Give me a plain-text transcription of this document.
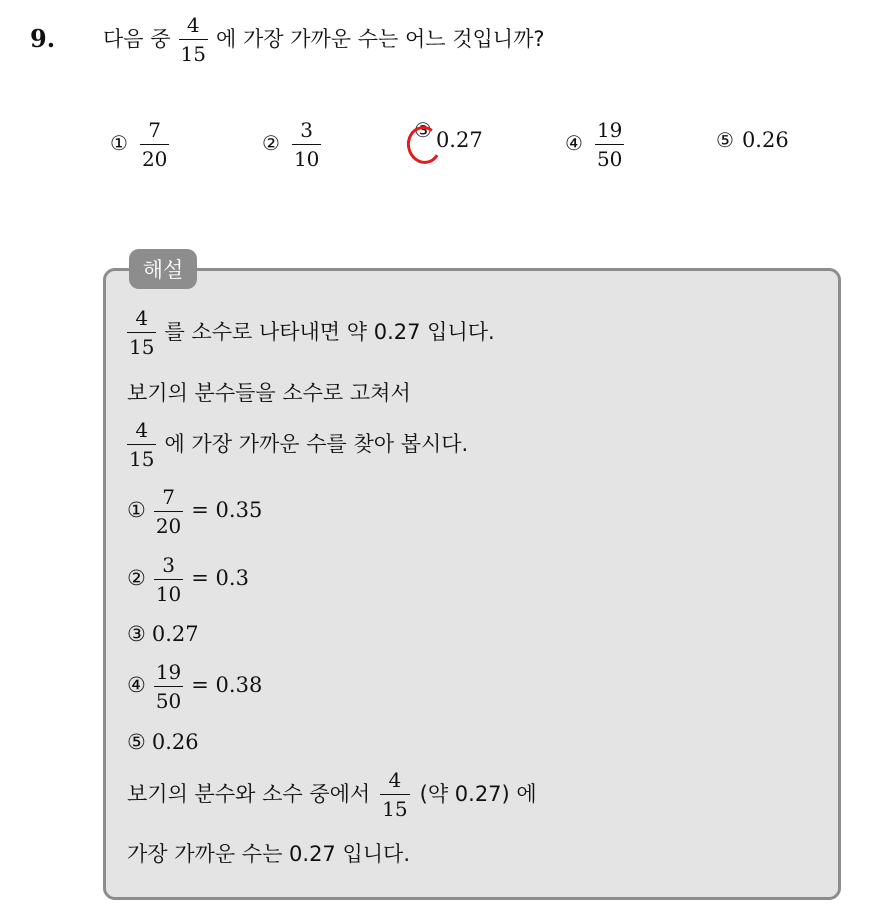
9. 다음 중 $\frac{4}{15}$ 에 가장 가까운 수는 어느 것입니까?
① $\frac{7}{20}$	② $\frac{3}{10}$	③ 0.27	④ $\frac{19}{50}$	⑤ 0.26
해설
$\frac{4}{15}$ 를 소수로 나타내면 약 0.27 입니다.
보기의 분수들을 소수로 고쳐서
$\frac{4}{15}$ 에 가장 가까운 수를 찾아 봅시다.
① $\frac{7}{20} = 0.35$
② $\frac{3}{10} = 0.3$
③ 0.27
④ $\frac{19}{50} = 0.38$
⑤ 0.26
보기의 분수와 소수 중에서 $\frac{4}{15}$ (약 0.27) 에
가장 가까운 수는 0.27 입니다.
